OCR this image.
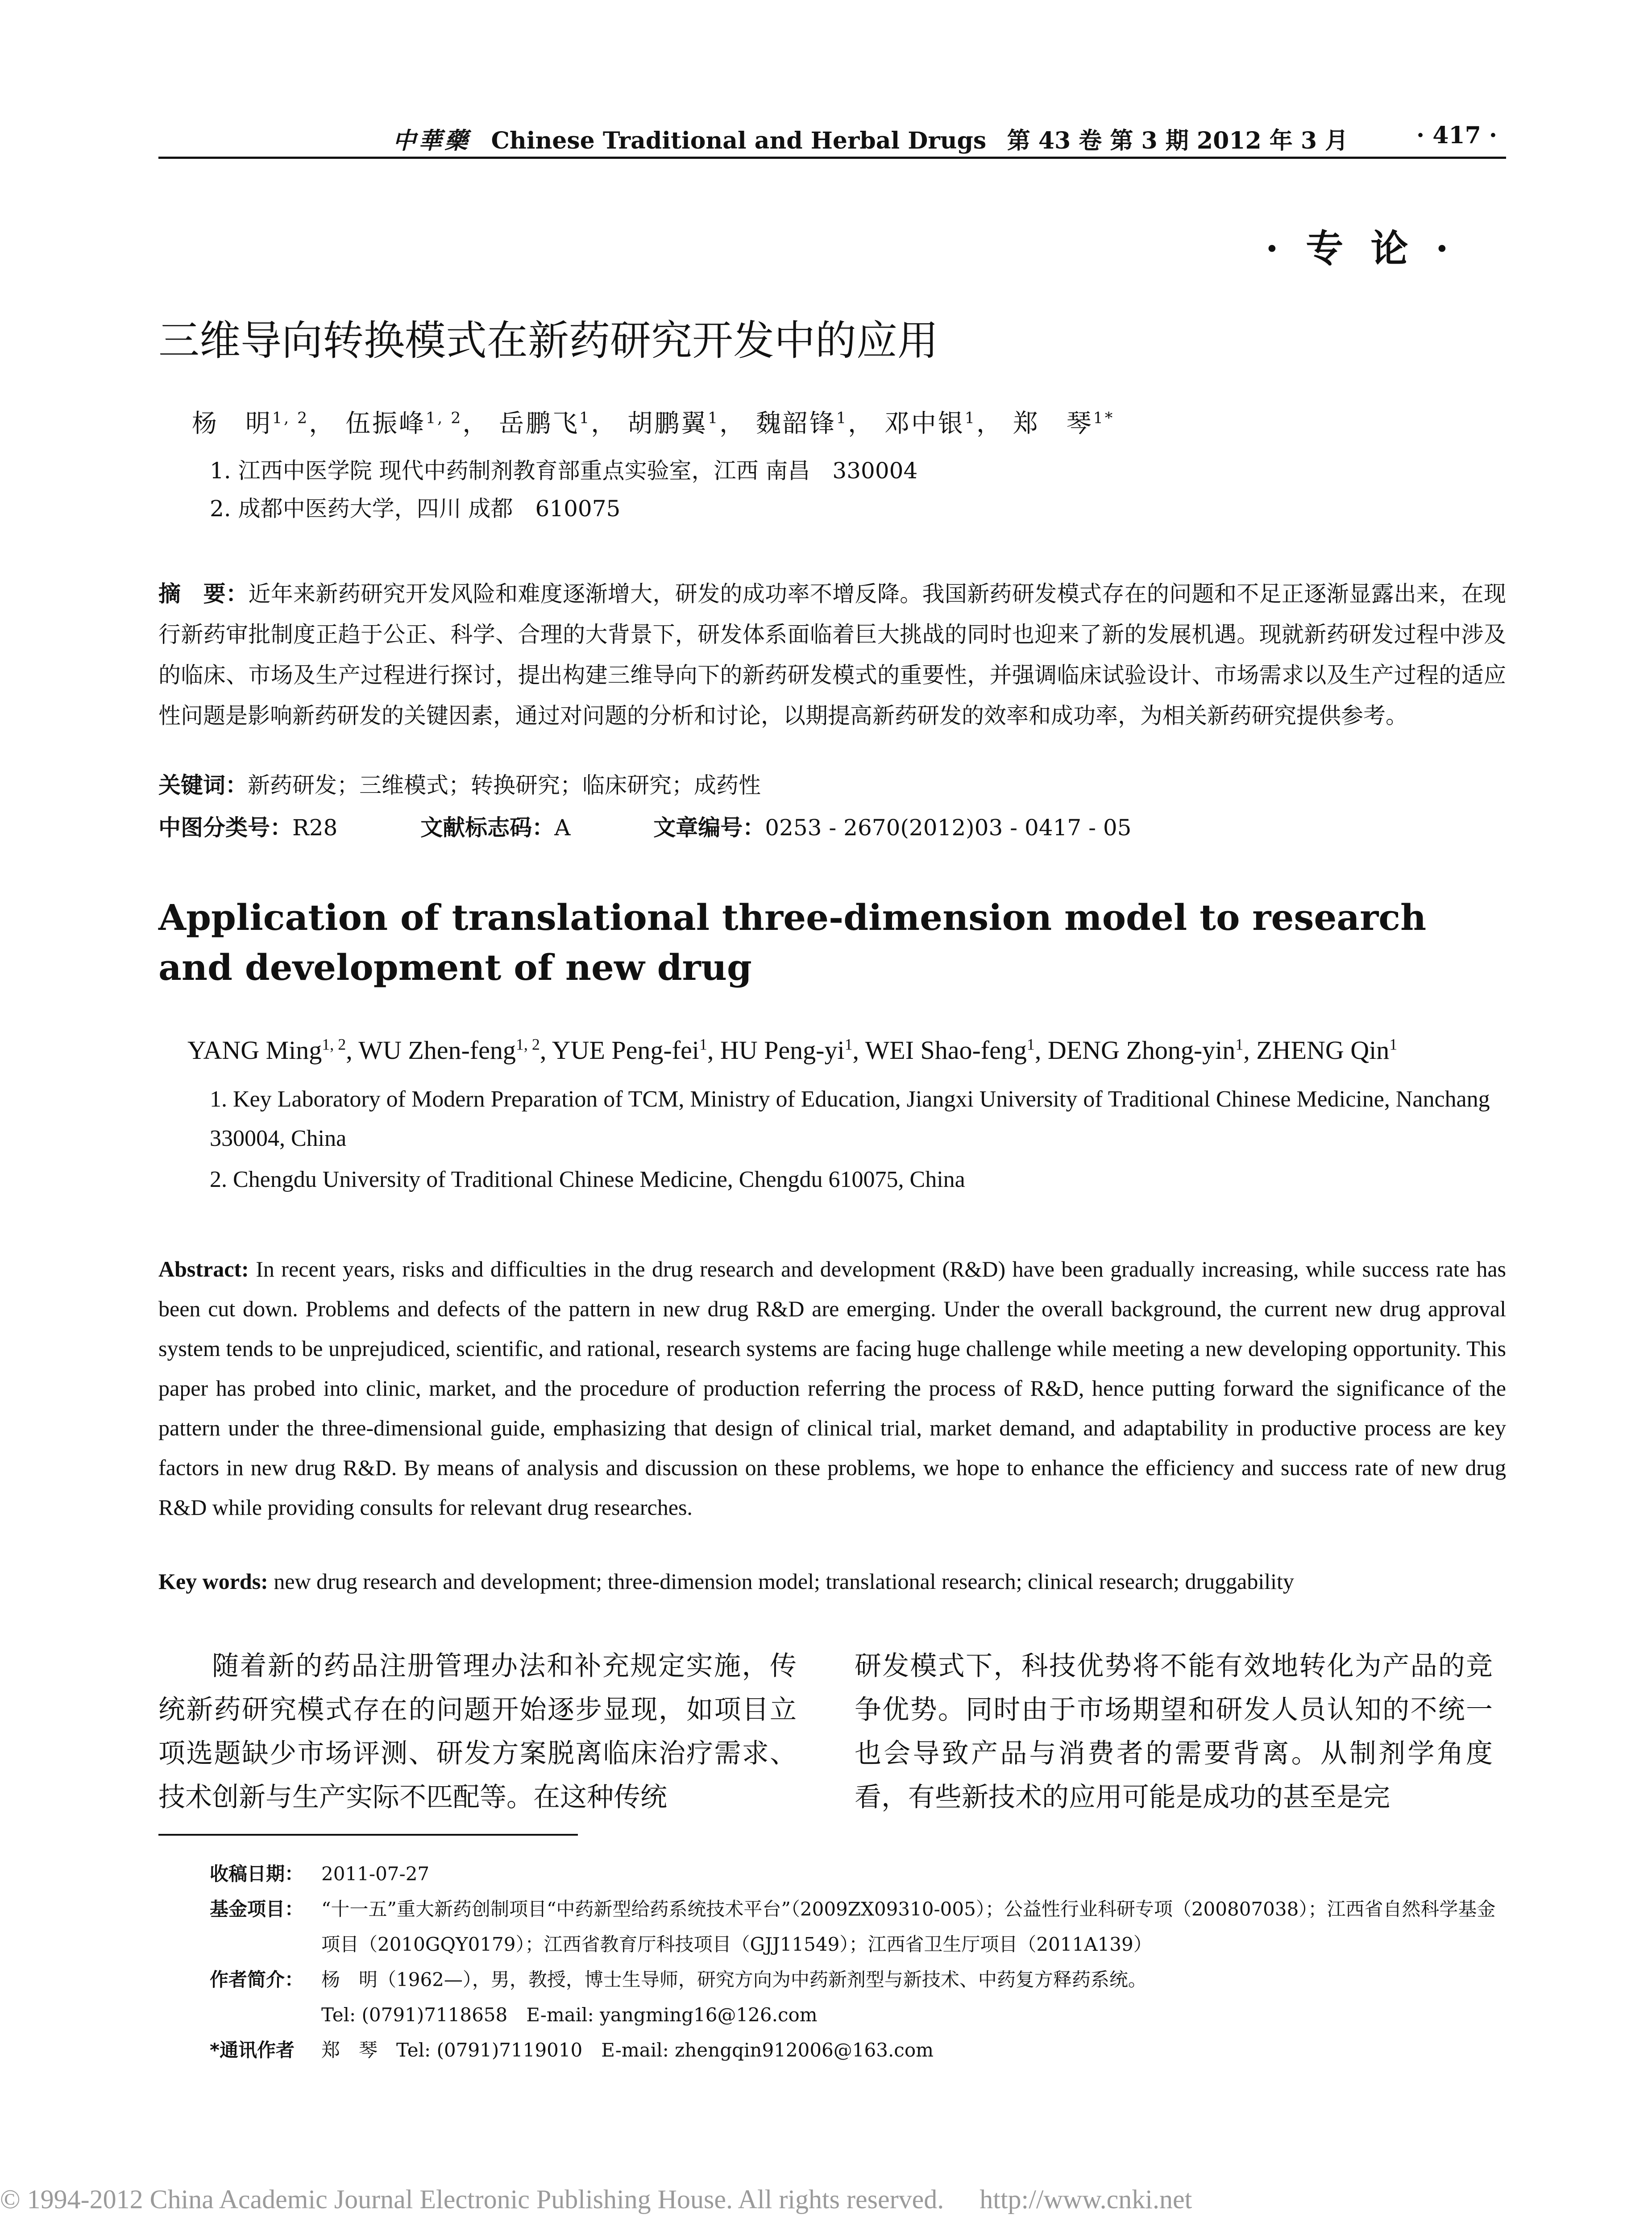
中華藥 Chinese Traditional and Herbal Drugs 第 43 卷 第 3 期 2012 年 3 月	· 417 ·
· 专 论 ·
三维导向转换模式在新药研究开发中的应用
杨　明$^{1, 2}$， 伍振峰$^{1, 2}$， 岳鹏飞$^1$， 胡鹏翼$^1$， 魏韶锋$^1$， 邓中银$^1$， 郑　琴$^{1*}$
1. 江西中医学院 现代中药制剂教育部重点实验室，江西 南昌　330004
2. 成都中医药大学，四川 成都　610075
摘　要：近年来新药研究开发风险和难度逐渐增大，研发的成功率不增反降。我国新药研发模式存在的问题和不足正逐渐显露出来，在现行新药审批制度正趋于公正、科学、合理的大背景下，研发体系面临着巨大挑战的同时也迎来了新的发展机遇。现就新药研发过程中涉及的临床、市场及生产过程进行探讨，提出构建三维导向下的新药研发模式的重要性，并强调临床试验设计、市场需求以及生产过程的适应性问题是影响新药研发的关键因素，通过对问题的分析和讨论，以期提高新药研发的效率和成功率，为相关新药研究提供参考。
关键词：新药研发；三维模式；转换研究；临床研究；成药性
中图分类号：R28	文献标志码：A	文章编号：0253 - 2670(2012)03 - 0417 - 05
Application of translational three-dimension model to research and development of new drug
YANG Ming$^{1, 2}$, WU Zhen-feng$^{1, 2}$, YUE Peng-fei$^1$, HU Peng-$yi^1$, WEI Shao-feng$^1$, DENG Zhong-yin$^1$, ZHENG Qin$^1$
1. Key Laboratory of Modern Preparation of TCM, Ministry of Education, Jiangxi University of Traditional Chinese Medicine, Nanchang 330004, China
2. Chengdu University of Traditional Chinese Medicine, Chengdu 610075, China
Abstract: In recent years, risks and difficulties in the drug research and development (R&D) have been gradually increasing, while success rate has been cut down. Problems and defects of the pattern in new drug R&D are emerging. Under the overall background, the current new drug approval system tends to be unprejudiced, scientific, and rational, research systems are facing huge challenge while meeting a new developing opportunity. This paper has probed into clinic, market, and the procedure of production referring the process of R&D, hence putting forward the significance of the pattern under the three-dimensional guide, emphasizing that design of clinical trial, market demand, and adaptability in productive process are key factors in new drug R&D. By means of analysis and discussion on these problems, we hope to enhance the efficiency and success rate of new drug R&D while providing consults for relevant drug researches.
Key words: new drug research and development; three-dimension model; translational research; clinical research; druggability
随着新的药品注册管理办法和补充规定实施，传统新药研究模式存在的问题开始逐步显现，如项目立项选题缺少市场评测、研发方案脱离临床治疗需求、技术创新与生产实际不匹配等。在这种传统
研发模式下，科技优势将不能有效地转化为产品的竞争优势。同时由于市场期望和研发人员认知的不统一也会导致产品与消费者的需要背离。从制剂学角度看，有些新技术的应用可能是成功的甚至是完
收稿日期： 2011-07-27
基金项目： “十一五”重大新药创制项目“中药新型给药系统技术平台”（2009ZX09310-005）；公益性行业科研专项（200807038）；江西省自然科学基金项目（2010GQY0179）；江西省教育厅科技项目（GJJ11549）；江西省卫生厅项目（2011A139）
作者简介： 杨　明（1962—），男，教授，博士生导师，研究方向为中药新剂型与新技术、中药复方释药系统。
Tel: (0791)7118658　E-mail: yangming16@126.com
*通讯作者	郑　琴　Tel: (0791)7119010　E-mail: zhengqin912006@163.com
© 1994-2012 China Academic Journal Electronic Publishing House. All rights reserved. http://www.cnki.net
